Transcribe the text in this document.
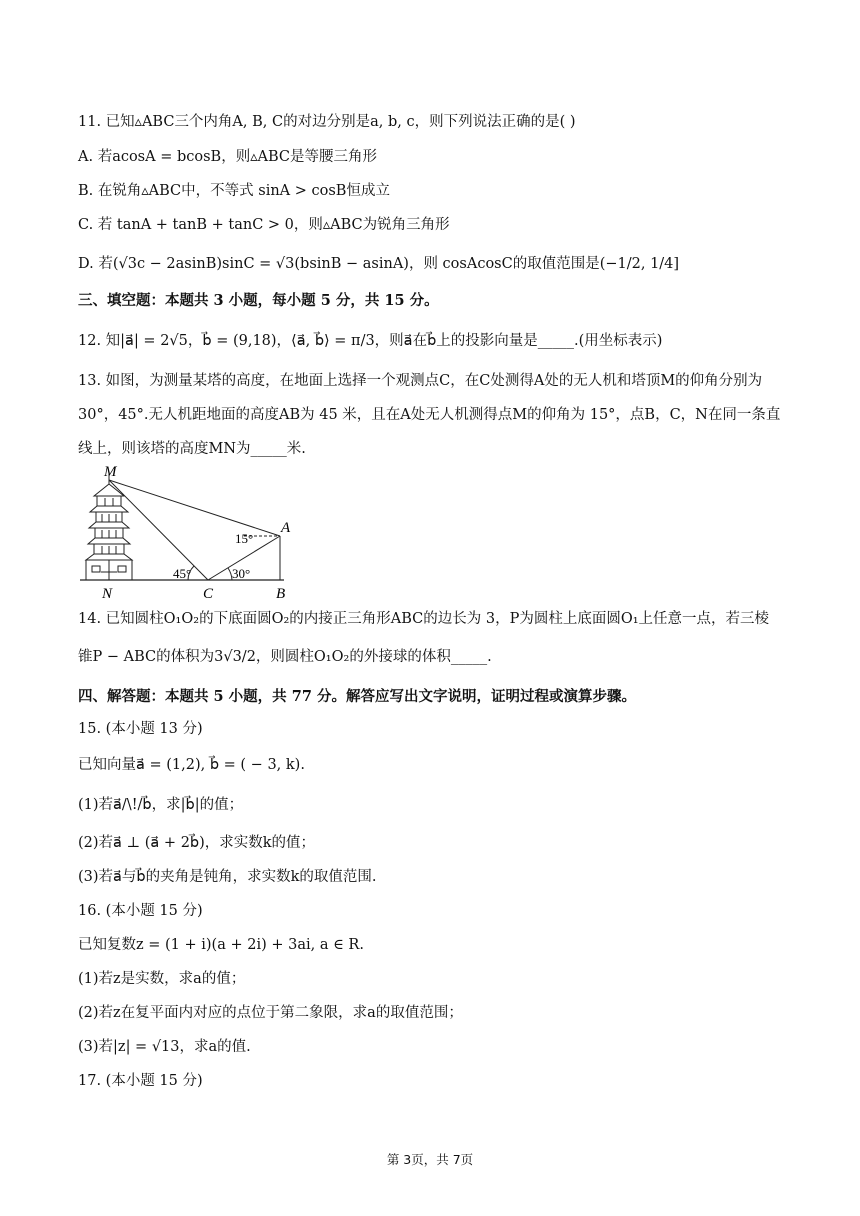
11. 已知▵ABC三个内角A, B, C的对边分别是a, b, c，则下列说法正确的是( )
A. 若acosA = bcosB，则▵ABC是等腰三角形
B. 在锐角▵ABC中，不等式 sinA > cosB恒成立
C. 若 tanA + tanB + tanC > 0，则▵ABC为锐角三角形
D. 若(√3c − 2asinB)sinC = √3(bsinB − asinA)，则 cosAcosC的取值范围是(−1/2, 1/4]
三、填空题：本题共 3 小题，每小题 5 分，共 15 分。
12. 知|a⃗| = 2√5，b⃗ = (9,18)，⟨a⃗, b⃗⟩ = π/3，则a⃗在b⃗上的投影向量是_____.(用坐标表示)
13. 如图，为测量某塔的高度，在地面上选择一个观测点C，在C处测得A处的无人机和塔顶M的仰角分别为
30°，45°.无人机距地面的高度AB为 45 米，且在A处无人机测得点M的仰角为 15°，点B，C，N在同一条直
线上，则该塔的高度MN为_____米.
M
A
N	C	B
15°
45°	30°
14. 已知圆柱O₁O₂的下底面圆O₂的内接正三角形ABC的边长为 3，P为圆柱上底面圆O₁上任意一点，若三棱
锥P − ABC的体积为3√3/2，则圆柱O₁O₂的外接球的体积_____.
四、解答题：本题共 5 小题，共 77 分。解答应写出文字说明，证明过程或演算步骤。
15. (本小题 13 分)
已知向量a⃗ = (1,2), b⃗ = ( − 3, k).
(1)若a⃗/\!/b⃗，求|b⃗|的值；
(2)若a⃗ ⊥ (a⃗ + 2b⃗)，求实数k的值；
(3)若a⃗与b⃗的夹角是钝角，求实数k的取值范围.
16. (本小题 15 分)
已知复数z = (1 + i)(a + 2i) + 3ai, a ∈ R.
(1)若z是实数，求a的值；
(2)若z在复平面内对应的点位于第二象限，求a的取值范围；
(3)若|z| = √13，求a的值.
17. (本小题 15 分)
第 3页，共 7页
